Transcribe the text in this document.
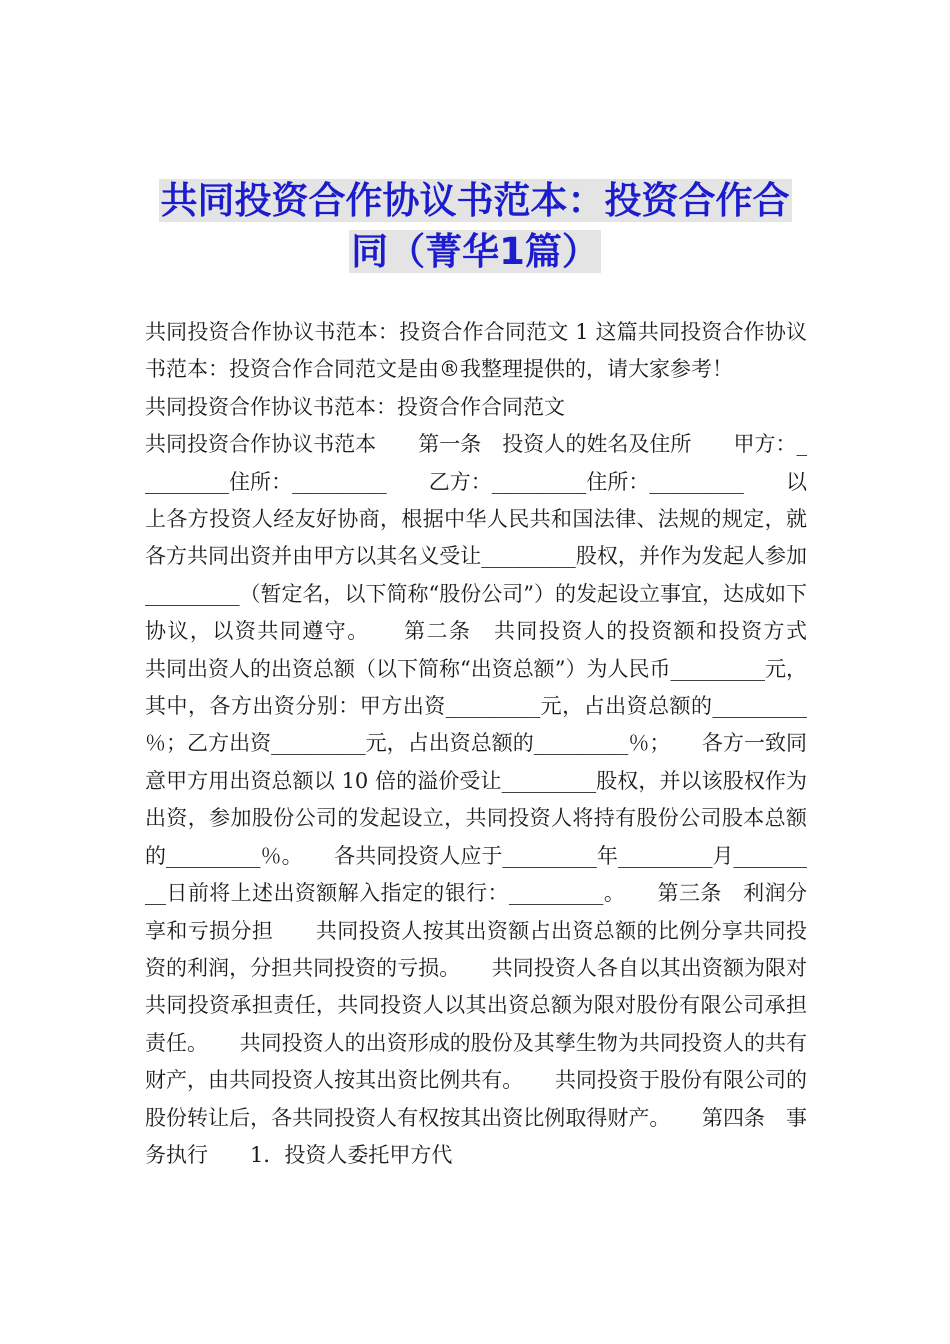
共同投资合作协议书范本：投资合作合
同（菁华1篇）

共同投资合作协议书范本：投资合作合同范文 1 这篇共同投资合作协议书范本：投资合作合同范文是由®我整理提供的，请大家参考！

共同投资合作协议书范本：投资合作合同范文

共同投资合作协议书范本　　第一条　投资人的姓名及住所　　甲方：_________住所：_________　　乙方：_________住所：_________　　以上各方投资人经友好协商，根据中华人民共和国法律、法规的规定，就各方共同出资并由甲方以其名义受让_________股权，并作为发起人参加_________（暂定名，以下简称“股份公司”）的发起设立事宜，达成如下协议，以资共同遵守。　　第二条　共同投资人的投资额和投资方式　　共同出资人的出资总额（以下简称“出资总额”）为人民币_________元，其中，各方出资分别：甲方出资_________元，占出资总额的_________％；乙方出资_________元，占出资总额的_________％；　　各方一致同意甲方用出资总额以 10 倍的溢价受让_________股权，并以该股权作为出资，参加股份公司的发起设立，共同投资人将持有股份公司股本总额的_________％。　　各共同投资人应于_________年_________月_________日前将上述出资额解入指定的银行：_________。　　第三条　利润分享和亏损分担　　共同投资人按其出资额占出资总额的比例分享共同投资的利润，分担共同投资的亏损。　　共同投资人各自以其出资额为限对共同投资承担责任，共同投资人以其出资总额为限对股份有限公司承担责任。　　共同投资人的出资形成的股份及其孳生物为共同投资人的共有财产，由共同投资人按其出资比例共有。　　共同投资于股份有限公司的股份转让后，各共同投资人有权按其出资比例取得财产。　　第四条　事务执行　　1．投资人委托甲方代
